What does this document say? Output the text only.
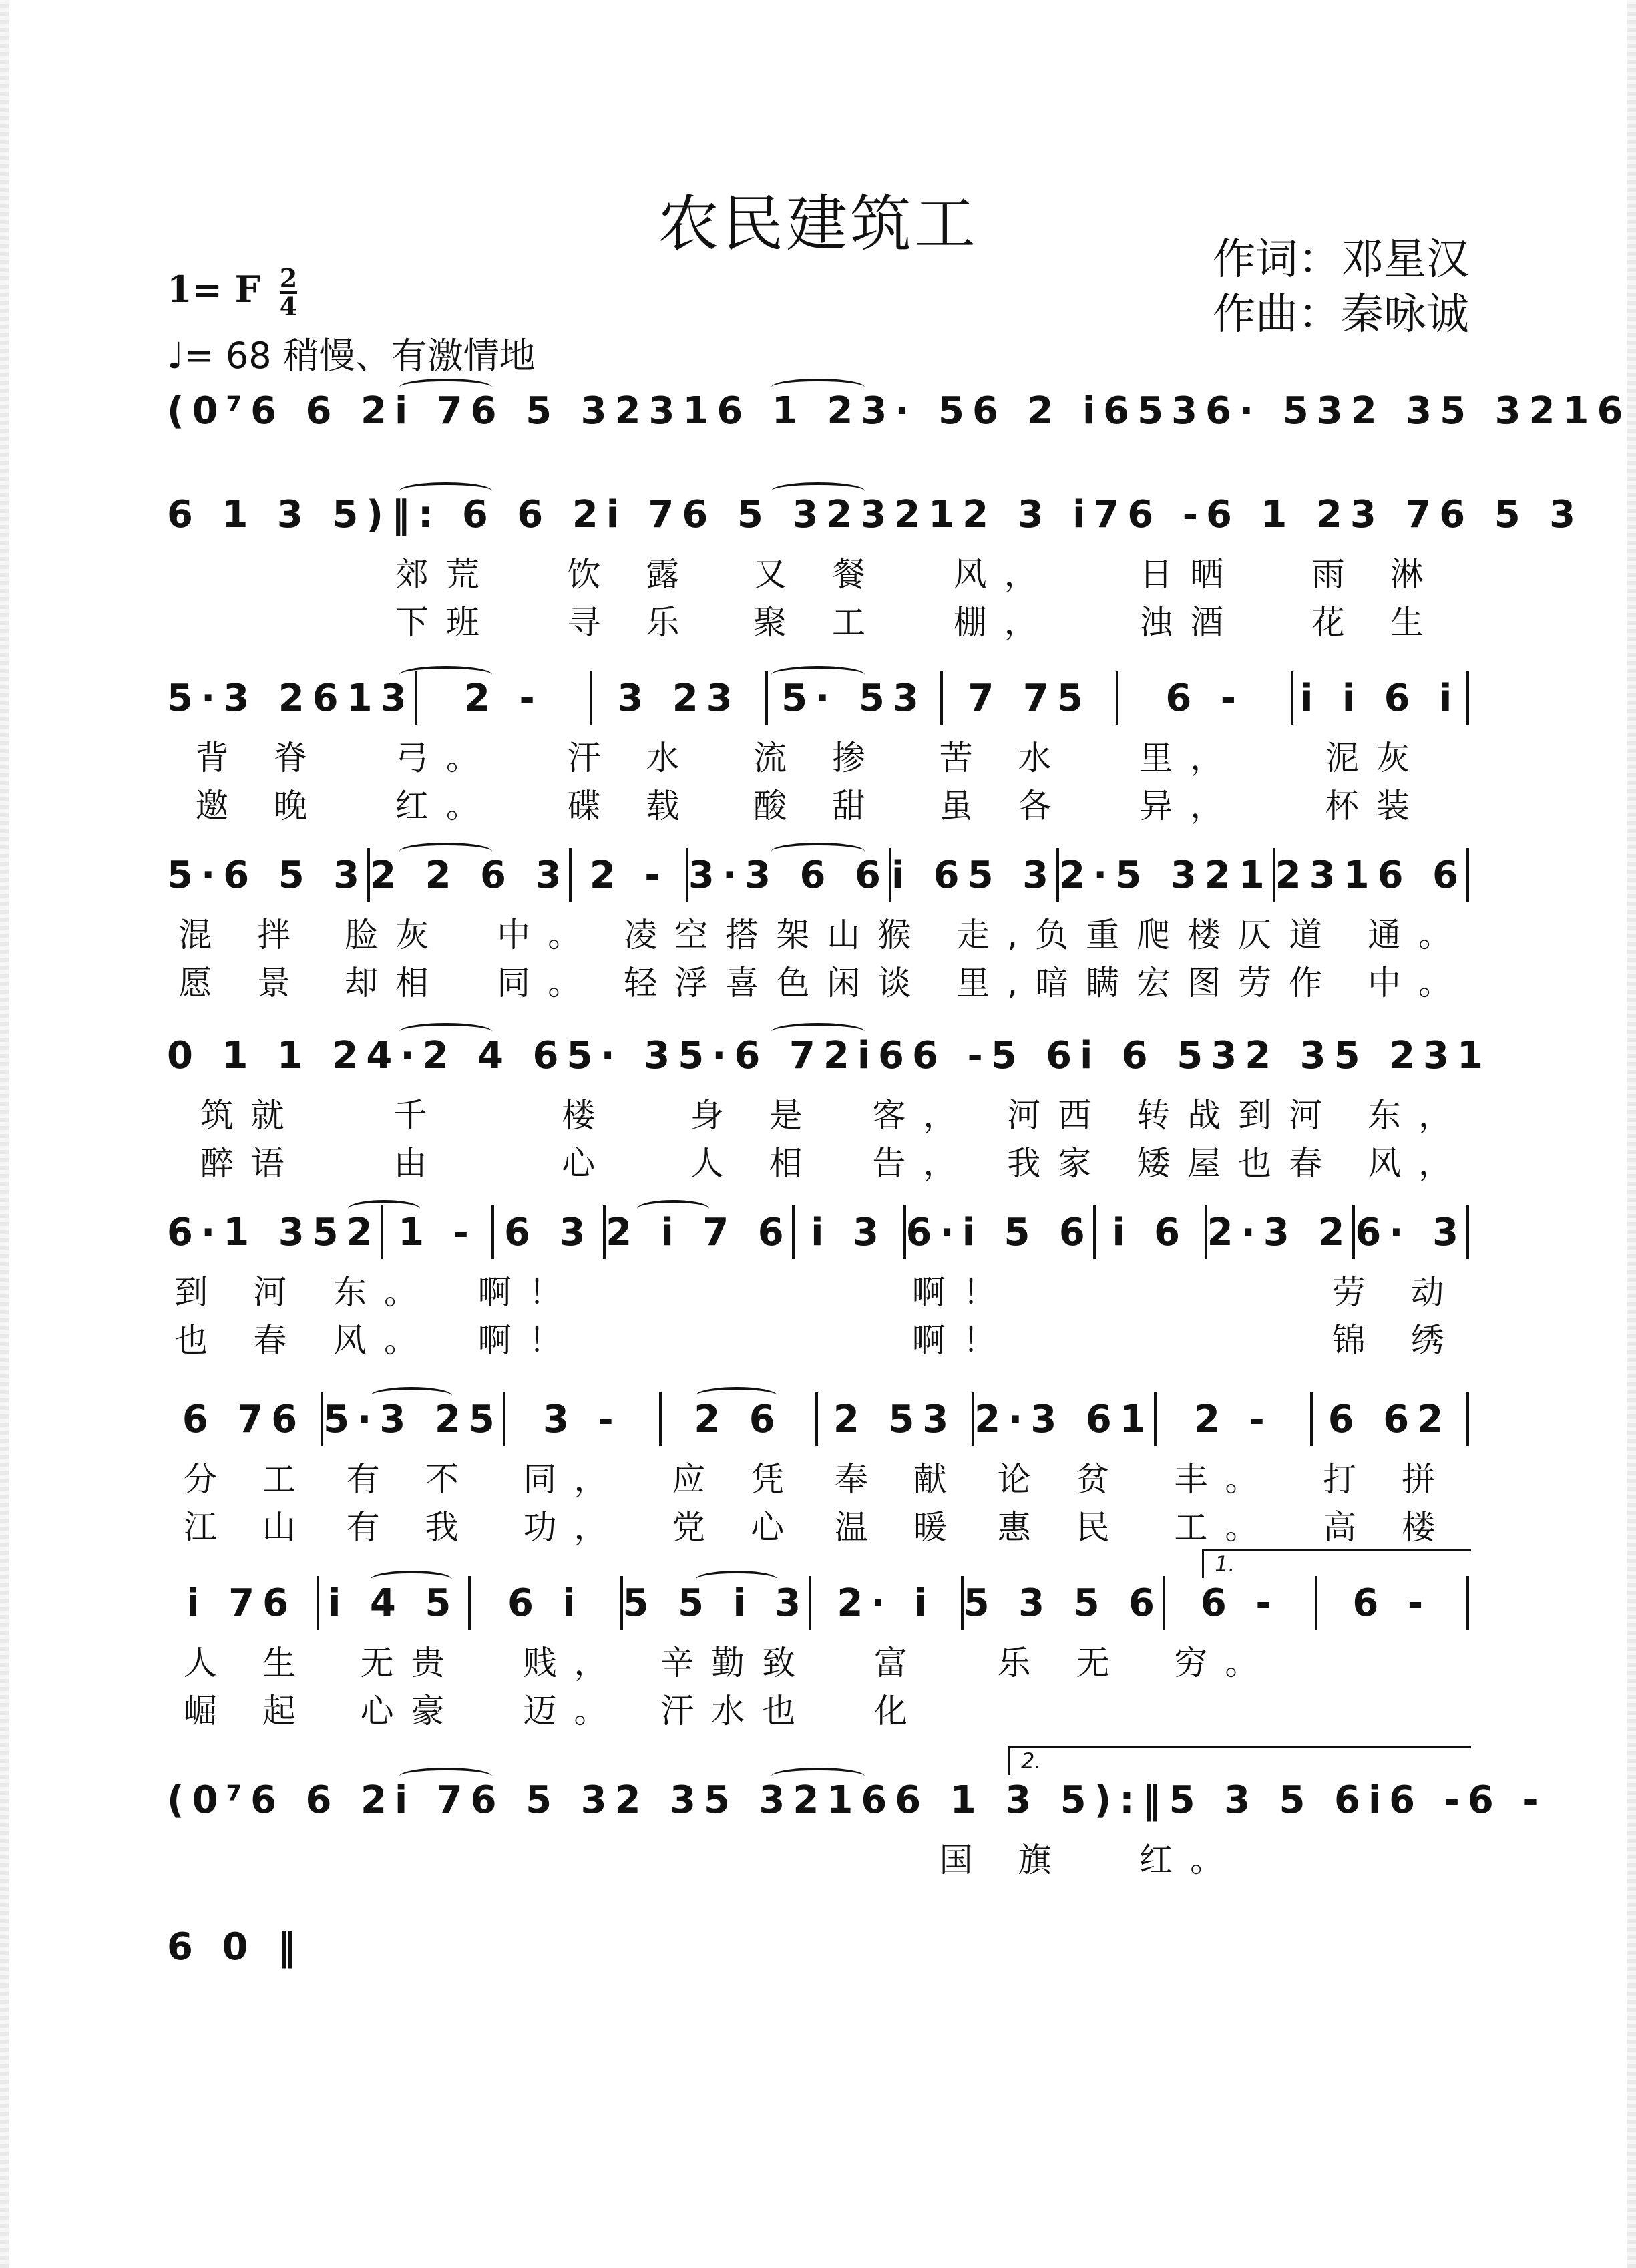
农民建筑工	作词：邓星汉
作曲：秦咏诚
1= F $\frac{2}{4}$
♩= 68 稍慢、有激情地
(0⁷6 6 2 i 76 5 3 2316 1 2 3· 5 6 2 i653 6· 53 2 35 3216
6 1 3 5) ‖: 6 6 2 i 76 5 3 23212 3 i7 6 - 6 1 2 3 76 5 3
郊荒	饮 露	又 餐	风，	日晒	雨 淋
下班	寻 乐	聚 工	棚，	浊酒	花 生
5·3 2613	2 -	3 23	5· 53	7 75	6 -	i i 6 i
背 脊	弓。	汗 水	流 掺	苦 水	里，	泥灰
邀 晚	红。	碟 载	酸 甜	虽 各	异，	杯装
5·6 5 3 2 2 6 3 2 - 3·3 6 6 i 65 3 2·5 321 2316 6
混 拌	脸灰	中。 凌空搭架 山猴 走, 负重爬楼 仄道 通。
愿 景	却相	同。 轻浮喜色 闲谈 里, 暗瞒宏图 劳作 中。
0 1 1 2 4·2 4 6 5· 3 5·6 72i6 6 - 5 6i 6 53 2 35 231
筑就	千	楼	身 是	客， 河西 转战 到河 东，
醉语	由	心	人 相	告， 我家 矮屋 也春 风，
6·1 352 1 - 6 3 2 i 7 6 i 3 6·i 5 6 i 6 2·3 2 6· 3
到 河 东。	啊！	啊！	劳 动
也 春 风。	啊！	啊！	锦 绣
6 76 5·3 25	3 -	2 6	2 53 2·3 61	2 -	6 62
分 工 有 不	同，	应 凭 奉 献 论 贫	丰。	打 拼
江 山 有 我	功，	党 心 温 暖 惠 民	工。	高 楼
i 76 i 4 5	6 i	5 5 i 3 2· i 5 3 5 6	6 -	6 -
1.
人 生	无贵	贱，	辛勤致	富	乐 无	穷。
崛 起	心豪	迈。	汗水也	化
(0⁷6 6 2 i 76 5 3 2 35 3216 6 1 3 5):‖ 5 3 5 6i 6 - 6 -
2.
国 旗	红。
6 0 ‖
